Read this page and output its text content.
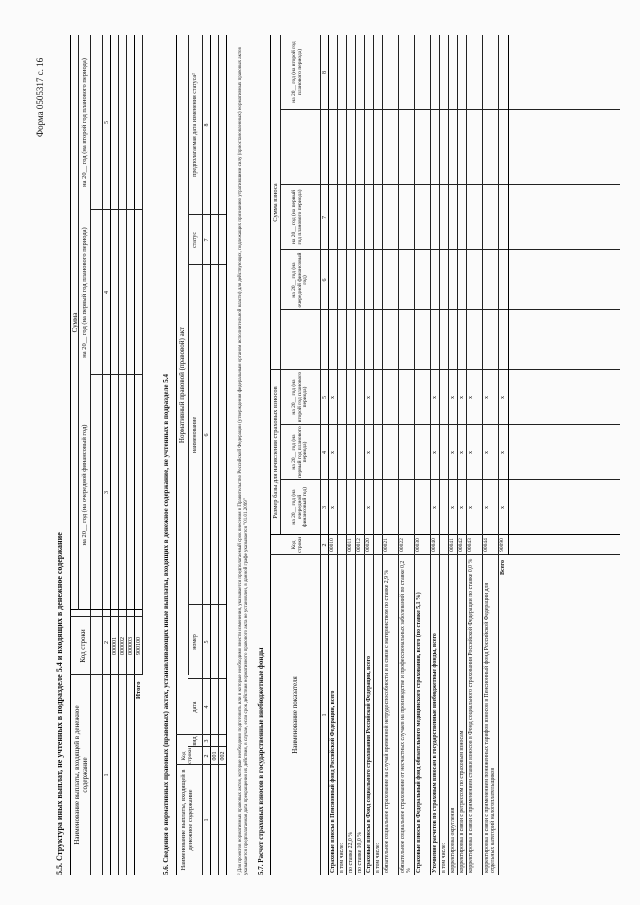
Форма 0505317 с. 16
5.5. Структура иных выплат, не учтенных в подразделе 5.4 и входящих в денежное содержание Наименование выплаты, входящей в денежное содержание
Код строки
Сумма
на 20__ год (на очередной финансовый год)
на 20__ год (на первый год планового периода)
на 20__ год (на второй год планового периода)
1
2
3
4
5
000001 000002 000003
Итого
900100	5.6. Сведения о нормативных правовых (правовых) актах, устанавливающих иные выплаты, входящих в денежное содержание, не учтенных в подразделе 5.4 Наименование выплаты, входящей в денежное содержание
Код строки
Нормативный правовой (правовой) акт
вид
дата
номер
наименование
статус
предполагаемая дата изменения статуса²
1
2
3
4
5
6
7
8
001 002 ² Для проектов нормативных правовых актов, которые необходимо подготовить или в которые необходимо внести изменения, указывается предполагаемый срок внесения в Правительство Российской Федерации (утверждения федеральным органом исполнительной власти) для действующих, подлежащих признанию утратившими силу (приостановленных) нормативных правовых актов указывается предполагаемая дата прекращения их действия, в случае, если срок действия нормативного правового акта не установлен, в данной графе указывается "01.01.2099" 5.7. Расчет страховых взносов в государственные внебюджетные фонды	Наименование показателя
Код строки
Размер базы для начисления страховых взносов
Сумма взноса
на 20__ год (на очередной финансовый год)
на 20__ год (на первый год планового периода)
на 20__ год (на второй год планового периода)
на 20__ год (на очередной финансовый год)
на 20__ год (на первый год планового периода)
на 20__ год (на второй год планового периода)
1
2
3
4
5
6
7
8
Страховые взносы в Пенсионный фонд Российской Федерации, всего
00010
x
x
x
в том числе: по ставке 22,0 %
00011
по ставке 10,0 %
00012
Страховые взносы в Фонд социального страхования Российской Федерации, всего
00020
x
x
x
в том числе: обязательное социальное страхование на случай временной нетрудоспособности и в связи с материнством по ставке 2,9 %
00021
обязательное социальное страхование от несчастных случаев на производстве и профессиональных заболеваний по ставке 0,2 %
00022
Страховые взносы в Федеральный фонд обязательного медицинского страхования, всего (по ставке 5,1 %)
00030
Уточнение расчетов по страховым взносам в государственные внебюджетные фонды, всего
00040
x
x
x
в том числе: корректировка округления
00041
x
x
x
корректировка в связи с регрессом по страховым взносам
00042
x
x
x
корректировка в связи с применением ставки взносов в Фонд социального страхования Российской Федерации по ставке 0,0 %
00043
x
x
x
корректировка в связи с применением пониженных тарифов взносов в Пенсионный фонд Российской Федерации для отдельных категорий налогоплательщиков
00044
x
x
x
Всего
90090
x
x
x
